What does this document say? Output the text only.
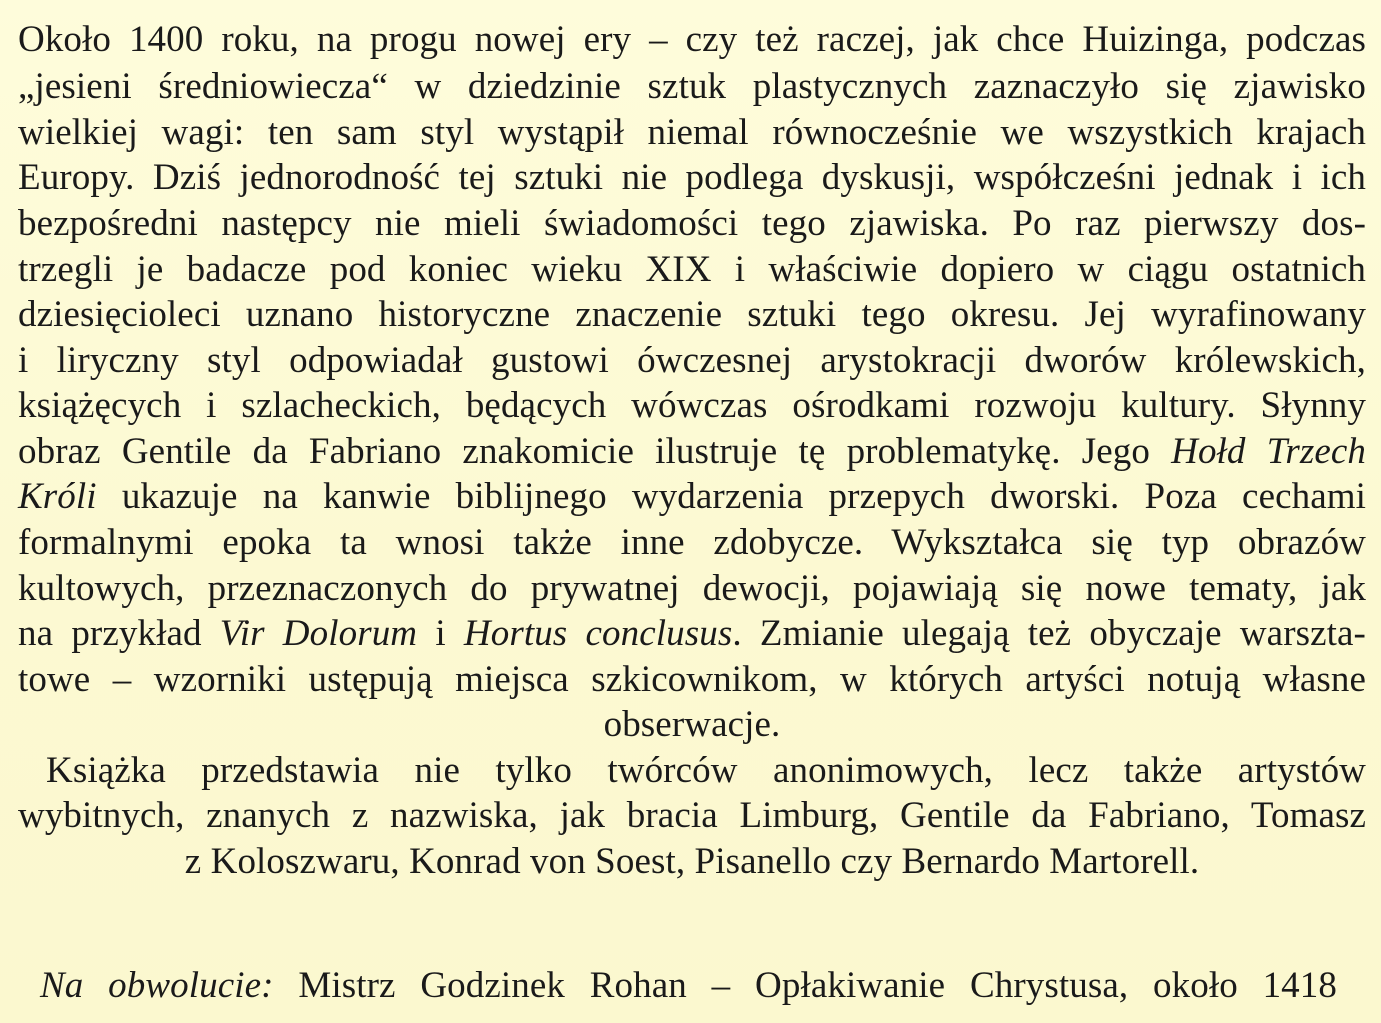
Około 1400 roku, na progu nowej ery – czy też raczej, jak chce Huizinga, podczas
„jesieni średniowiecza“ w dziedzinie sztuk plastycznych zaznaczyło się zjawisko
wielkiej wagi: ten sam styl wystąpił niemal równocześnie we wszystkich krajach
Europy. Dziś jednorodność tej sztuki nie podlega dyskusji, współcześni jednak i ich
bezpośredni następcy nie mieli świadomości tego zjawiska. Po raz pierwszy dos-
trzegli je badacze pod koniec wieku XIX i właściwie dopiero w ciągu ostatnich
dziesięcioleci uznano historyczne znaczenie sztuki tego okresu. Jej wyrafinowany
i liryczny styl odpowiadał gustowi ówczesnej arystokracji dworów królewskich,
książęcych i szlacheckich, będących wówczas ośrodkami rozwoju kultury. Słynny
obraz Gentile da Fabriano znakomicie ilustruje tę problematykę. Jego Hołd Trzech
Króli ukazuje na kanwie biblijnego wydarzenia przepych dworski. Poza cechami
formalnymi epoka ta wnosi także inne zdobycze. Wykształca się typ obrazów
kultowych, przeznaczonych do prywatnej dewocji, pojawiają się nowe tematy, jak
na przykład Vir Dolorum i Hortus conclusus. Zmianie ulegają też obyczaje warszta-
towe – wzorniki ustępują miejsca szkicownikom, w których artyści notują własne
obserwacje.
Książka przedstawia nie tylko twórców anonimowych, lecz także artystów
wybitnych, znanych z nazwiska, jak bracia Limburg, Gentile da Fabriano, Tomasz
z Koloszwaru, Konrad von Soest, Pisanello czy Bernardo Martorell.
Na obwolucie: Mistrz Godzinek Rohan – Opłakiwanie Chrystusa, około 1418
